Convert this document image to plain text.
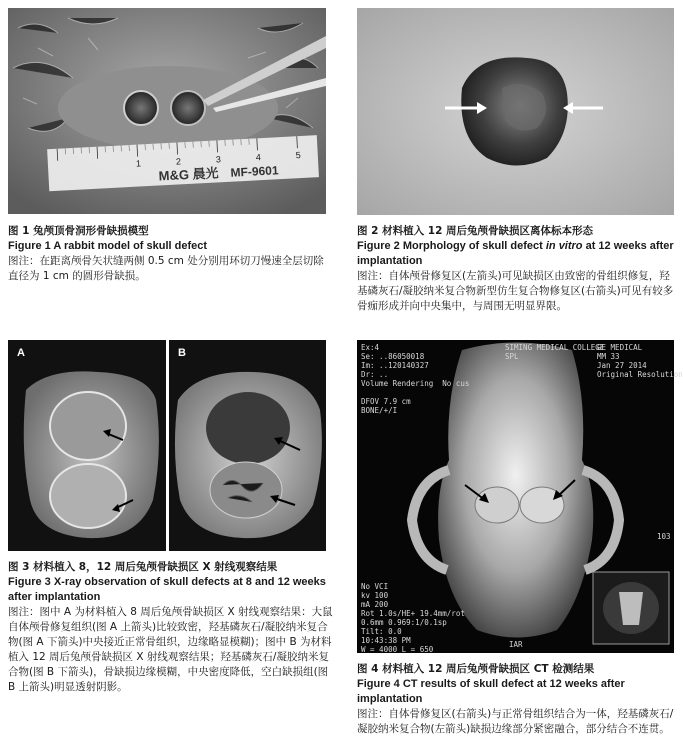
1	2	3	4	5
M&G 晨光 MF-9601
图 1 兔颅顶骨洞形骨缺损模型
Figure 1 A rabbit model of skull defect
图注：在距离颅骨矢状缝两侧 0.5 cm 处分别用环切刀慢速全层切除直径为 1 cm 的圆形骨缺损。
图 2 材料植入 12 周后兔颅骨缺损区离体标本形态
Figure 2 Morphology of skull defect in vitro at 12 weeks after implantation
图注：自体颅骨修复区(左箭头)可见缺损区由致密的骨组织修复，羟基磷灰石/凝胶纳米复合物新型仿生复合物修复区(右箭头)可见有较多骨痂形成并向中央集中，与周围无明显界限。
A	B
图 3 材料植入 8，12 周后兔颅骨缺损区 X 射线观察结果
Figure 3 X-ray observation of skull defects at 8 and 12 weeks after implantation
图注：图中 A 为材料植入 8 周后兔颅骨缺损区 X 射线观察结果：大鼠自体颅骨修复组织(图 A 上箭头)比较致密，羟基磷灰石/凝胶纳米复合物(图 A 下箭头)中央接近正常骨组织，边缘略显模糊)；图中 B 为材料植入 12 周后兔颅骨缺损区 X 射线观察结果；羟基磷灰石/凝胶纳米复合物(图 B 下箭头)，骨缺损边缘模糊，中央密度降低，空白缺损组(图 B 上箭头)明显透射阴影。
Ex:4
Se: ..86050018
Im: ..120140327
Dr: ..
Volume Rendering  No cus

DFOV 7.9 cm
BONE/+/I
SIMING MEDICAL COLLEGE
SPL
GE MEDICAL
MM 33
Jan 27 2014
Original Resolution
No VCI
kv 100
mA 200
Rot 1.0s/HE+ 19.4mm/rot
0.6mm 0.969:1/0.1sp
Tilt: 0.0
10:43:38 PM
W = 4000 L = 650
IAR
103
图 4 材料植入 12 周后兔颅骨缺损区 CT 检测结果
Figure 4 CT results of skull defect at 12 weeks after implantation
图注：自体骨修复区(右箭头)与正常骨组织结合为一体，羟基磷灰石/凝胶纳米复合物(左箭头)缺损边缘部分紧密融合，部分结合不连贯。
